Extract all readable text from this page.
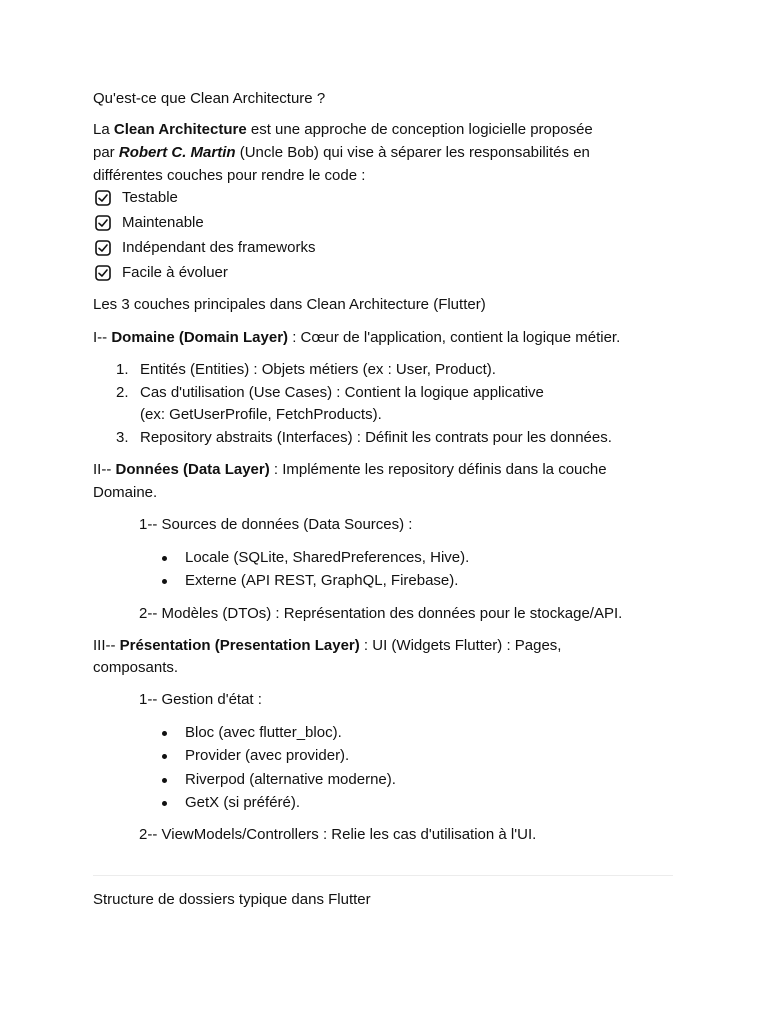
Qu'est-ce que Clean Architecture ?
La Clean Architecture est une approche de conception logicielle proposée
par Robert C. Martin (Uncle Bob) qui vise à séparer les responsabilités en
différentes couches pour rendre le code :
Testable
Maintenable
Indépendant des frameworks
Facile à évoluer
Les 3 couches principales dans Clean Architecture (Flutter)
I-- Domaine (Domain Layer) : Cœur de l'application, contient la logique métier.
1. Entités (Entities) : Objets métiers (ex : User, Product).
2. Cas d'utilisation (Use Cases) : Contient la logique applicative
(ex: GetUserProfile, FetchProducts).
3. Repository abstraits (Interfaces) : Définit les contrats pour les données.
II-- Données (Data Layer) : Implémente les repository définis dans la couche
Domaine.
1-- Sources de données (Data Sources) :
Locale (SQLite, SharedPreferences, Hive).
Externe (API REST, GraphQL, Firebase).
2-- Modèles (DTOs) : Représentation des données pour le stockage/API.
III-- Présentation (Presentation Layer) : UI (Widgets Flutter) : Pages,
composants.
1-- Gestion d'état :
Bloc (avec flutter_bloc).
Provider (avec provider).
Riverpod (alternative moderne).
GetX (si préféré).
2-- ViewModels/Controllers : Relie les cas d'utilisation à l'UI.
Structure de dossiers typique dans Flutter
